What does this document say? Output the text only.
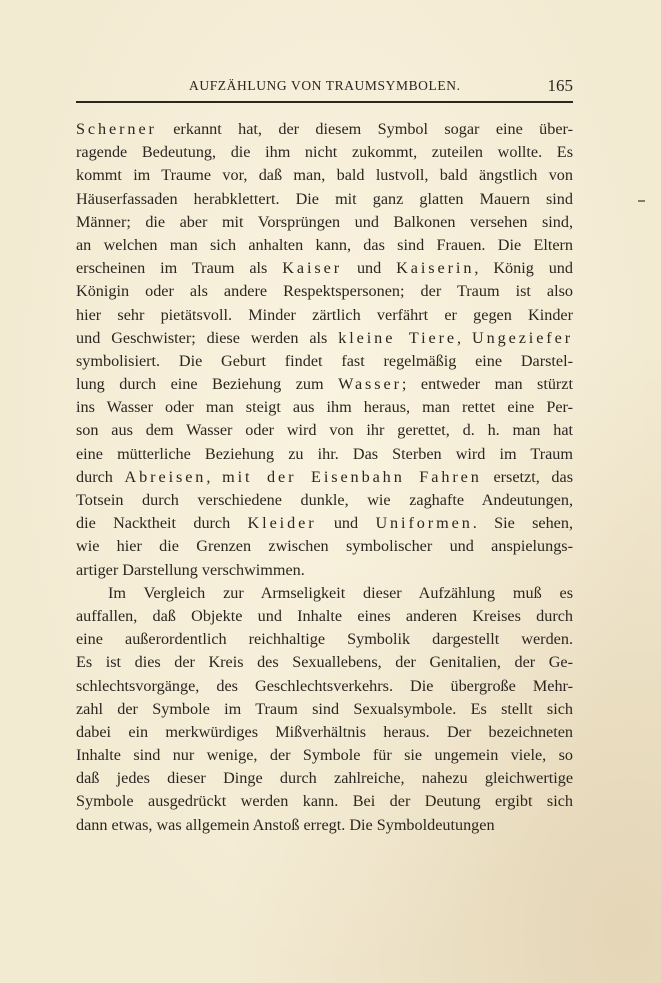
AUFZÄHLUNG VON TRAUMSYMBOLEN.	165
Scherner erkannt hat, der diesem Symbol sogar eine über-
ragende Bedeutung, die ihm nicht zukommt, zuteilen wollte. Es
kommt im Traume vor, daß man, bald lustvoll, bald ängstlich von
Häuserfassaden herabklettert. Die mit ganz glatten Mauern sind
Männer; die aber mit Vorsprüngen und Balkonen versehen sind,
an welchen man sich anhalten kann, das sind Frauen. Die Eltern
erscheinen im Traum als Kaiser und Kaiserin, König und
Königin oder als andere Respektspersonen; der Traum ist also
hier sehr pietätsvoll. Minder zärtlich verfährt er gegen Kinder
und Geschwister; diese werden als kleine Tiere, Ungeziefer
symbolisiert. Die Geburt findet fast regelmäßig eine Darstel-
lung durch eine Beziehung zum Wasser; entweder man stürzt
ins Wasser oder man steigt aus ihm heraus, man rettet eine Per-
son aus dem Wasser oder wird von ihr gerettet, d. h. man hat
eine mütterliche Beziehung zu ihr. Das Sterben wird im Traum
durch Abreisen, mit der Eisenbahn Fahren ersetzt, das
Totsein durch verschiedene dunkle, wie zaghafte Andeutungen,
die Nacktheit durch Kleider und Uniformen. Sie sehen,
wie hier die Grenzen zwischen symbolischer und anspielungs-
artiger Darstellung verschwimmen.
Im Vergleich zur Armseligkeit dieser Aufzählung muß es
auffallen, daß Objekte und Inhalte eines anderen Kreises durch
eine außerordentlich reichhaltige Symbolik dargestellt werden.
Es ist dies der Kreis des Sexuallebens, der Genitalien, der Ge-
schlechtsvorgänge, des Geschlechtsverkehrs. Die übergroße Mehr-
zahl der Symbole im Traum sind Sexualsymbole. Es stellt sich
dabei ein merkwürdiges Mißverhältnis heraus. Der bezeichneten
Inhalte sind nur wenige, der Symbole für sie ungemein viele, so
daß jedes dieser Dinge durch zahlreiche, nahezu gleichwertige
Symbole ausgedrückt werden kann. Bei der Deutung ergibt sich
dann etwas, was allgemein Anstoß erregt. Die Symboldeutungen
